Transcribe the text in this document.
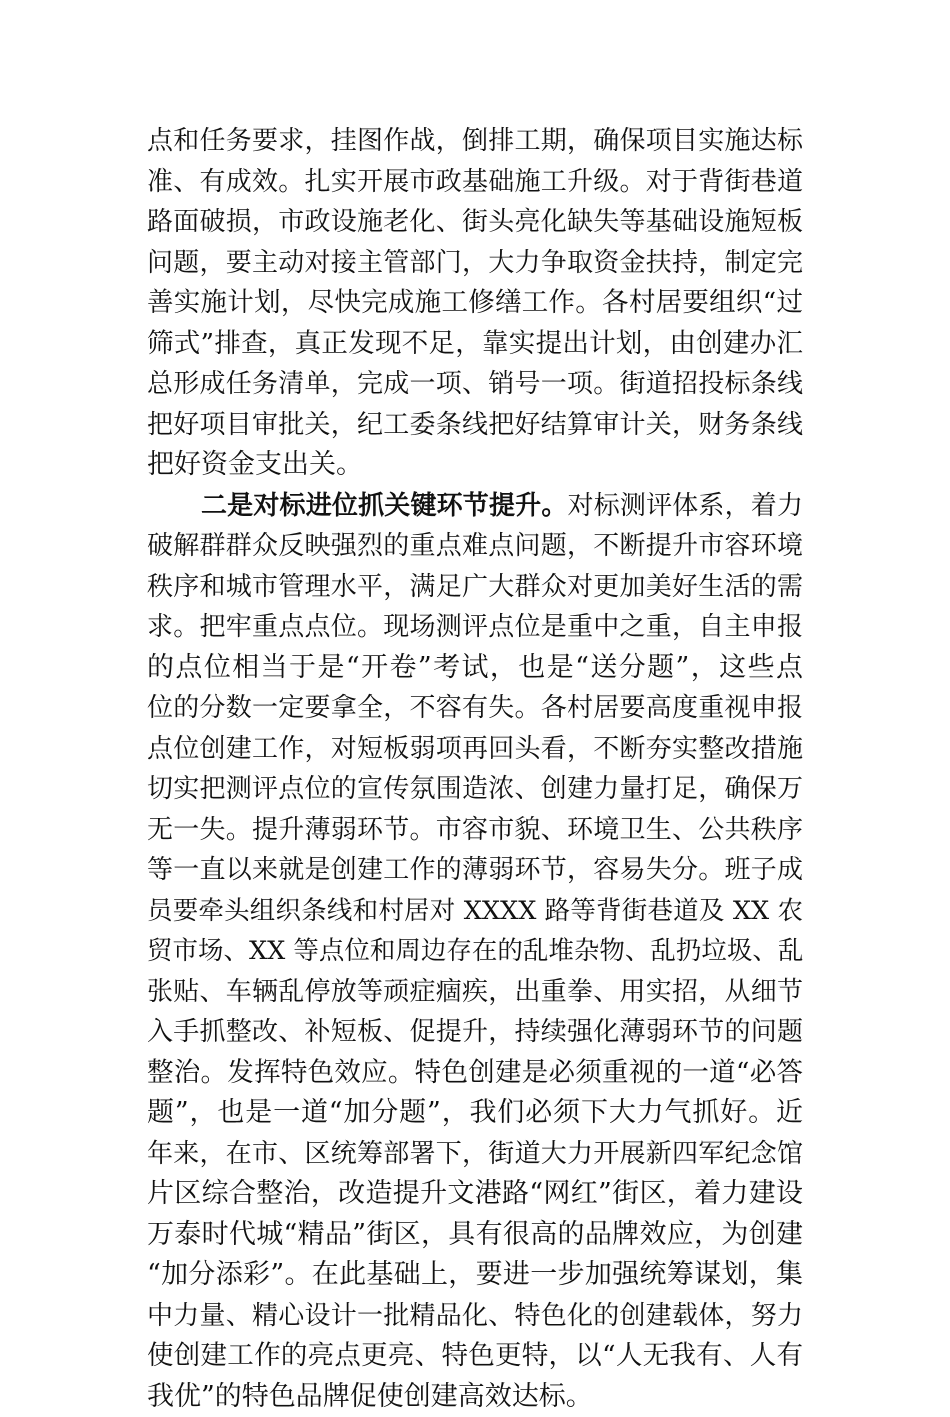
点和任务要求，挂图作战，倒排工期，确保项目实施达标
准、有成效。扎实开展市政基础施工升级。对于背街巷道
路面破损，市政设施老化、街头亮化缺失等基础设施短板
问题，要主动对接主管部门，大力争取资金扶持，制定完
善实施计划，尽快完成施工修缮工作。各村居要组织“过
筛式”排查，真正发现不足，靠实提出计划，由创建办汇
总形成任务清单，完成一项、销号一项。街道招投标条线
把好项目审批关，纪工委条线把好结算审计关，财务条线
把好资金支出关。
二是对标进位抓关键环节提升。对标测评体系，着力
破解群群众反映强烈的重点难点问题，不断提升市容环境
秩序和城市管理水平，满足广大群众对更加美好生活的需
求。把牢重点点位。现场测评点位是重中之重，自主申报
的点位相当于是“开卷”考试，也是“送分题”，这些点
位的分数一定要拿全，不容有失。各村居要高度重视申报
点位创建工作，对短板弱项再回头看，不断夯实整改措施
切实把测评点位的宣传氛围造浓、创建力量打足，确保万
无一失。提升薄弱环节。市容市貌、环境卫生、公共秩序
等一直以来就是创建工作的薄弱环节，容易失分。班子成
员要牵头组织条线和村居对 XXXX 路等背街巷道及 XX 农
贸市场、XX 等点位和周边存在的乱堆杂物、乱扔垃圾、乱
张贴、车辆乱停放等顽症痼疾，出重拳、用实招，从细节
入手抓整改、补短板、促提升，持续强化薄弱环节的问题
整治。发挥特色效应。特色创建是必须重视的一道“必答
题”，也是一道“加分题”，我们必须下大力气抓好。近
年来，在市、区统筹部署下，街道大力开展新四军纪念馆
片区综合整治，改造提升文港路“网红”街区，着力建设
万泰时代城“精品”街区，具有很高的品牌效应，为创建
“加分添彩”。在此基础上，要进一步加强统筹谋划，集
中力量、精心设计一批精品化、特色化的创建载体，努力
使创建工作的亮点更亮、特色更特，以“人无我有、人有
我优”的特色品牌促使创建高效达标。
